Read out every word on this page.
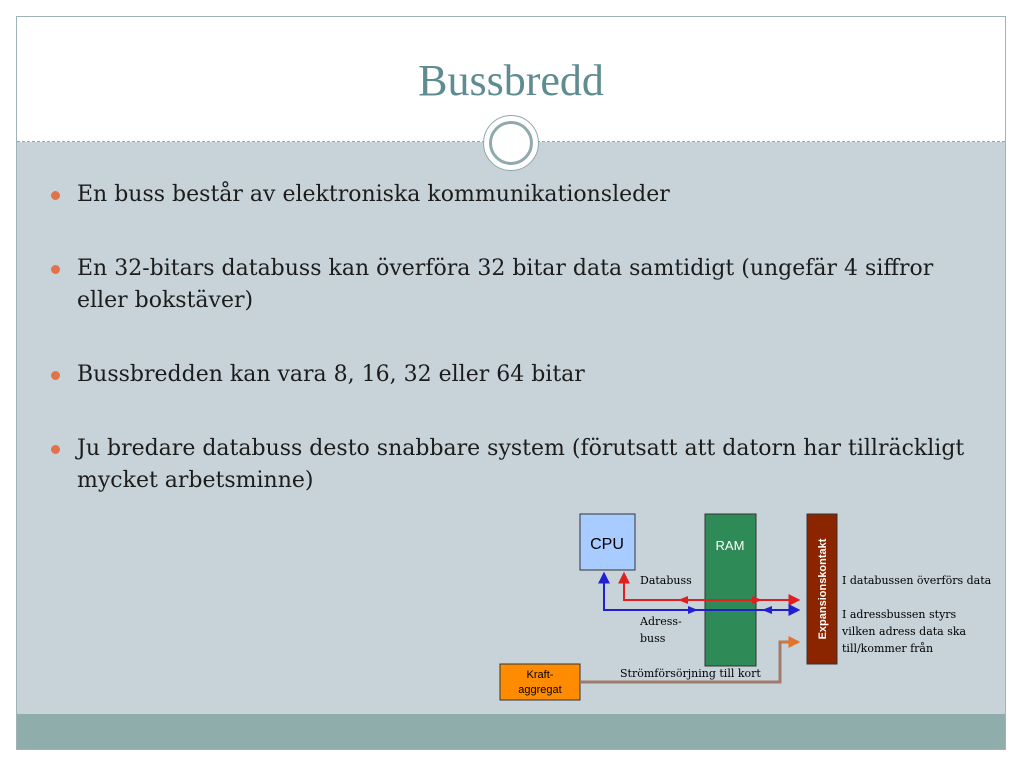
Bussbredd
En buss består av elektroniska kommunikationsleder
En 32-bitars databuss kan överföra 32 bitar data samtidigt (ungefär 4 siffror eller bokstäver)
Bussbredden kan vara 8, 16, 32 eller 64 bitar
Ju bredare databuss desto snabbare system (förutsatt att datorn har tillräckligt mycket arbetsminne)
RAM
CPU	Expansionskontakt
Databuss
Adress-
buss
Kraft-
aggregat
Strömförsörjning till kort
I databussen överförs data
I adressbussen styrs
vilken adress data ska
till/kommer från
